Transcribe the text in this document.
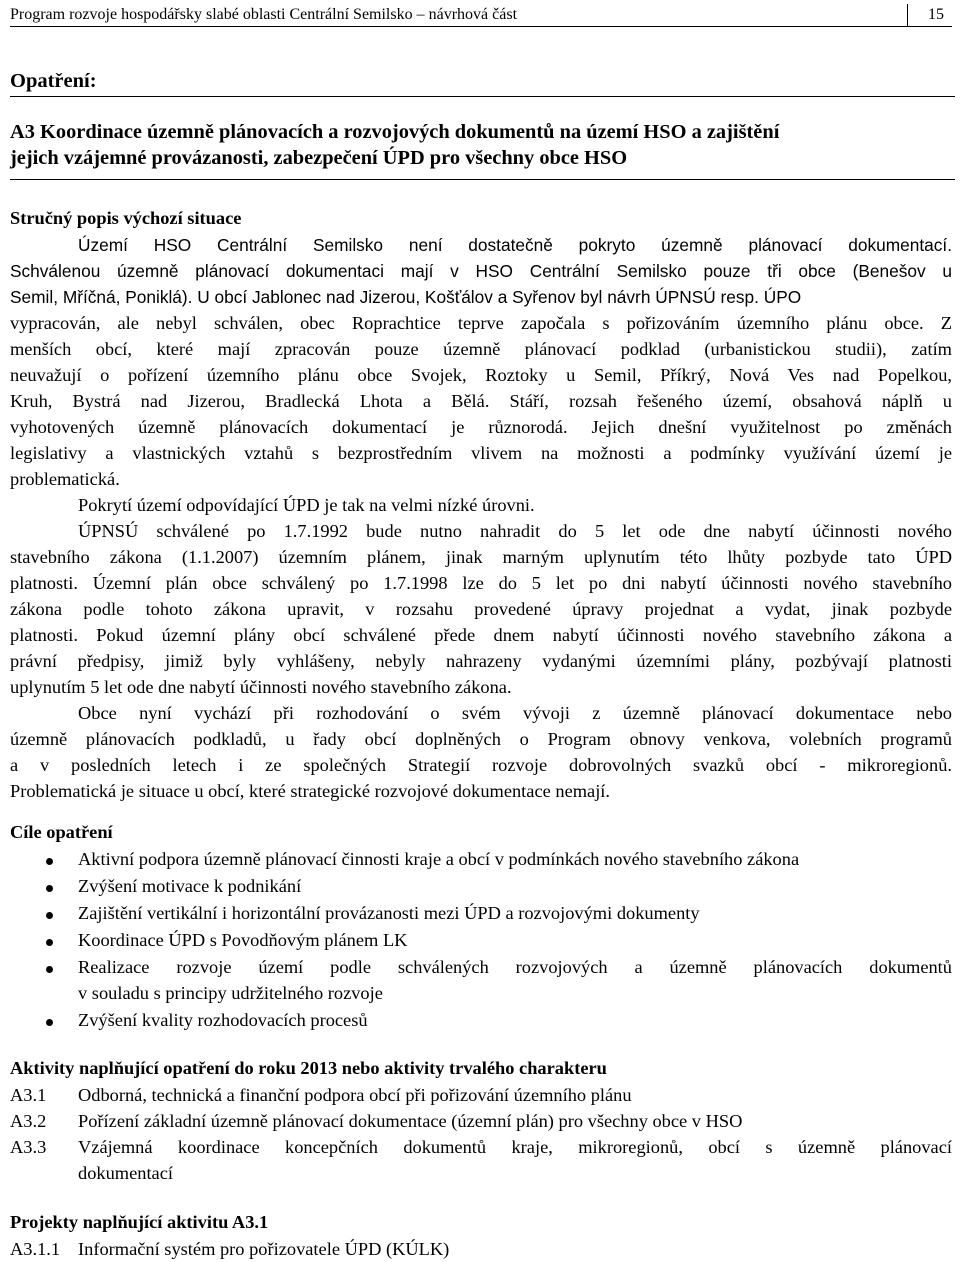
Program rozvoje hospodářsky slabé oblasti Centrální Semilsko – návrhová část	15
Opatření:
A3 Koordinace územně plánovacích a rozvojových dokumentů na území HSO a zajištění
jejich vzájemné provázanosti, zabezpečení ÚPD pro všechny obce HSO
Stručný popis výchozí situace
Území HSO Centrální Semilsko není dostatečně pokryto územně plánovací dokumentací.
Schválenou územně plánovací dokumentaci mají v HSO Centrální Semilsko pouze tři obce (Benešov u
Semil, Mříčná, Poniklá). U obcí Jablonec nad Jizerou, Košťálov a Syřenov byl návrh ÚPNSÚ resp. ÚPO
vypracován, ale nebyl schválen, obec Roprachtice teprve započala s pořizováním územního plánu obce. Z
menších obcí, které mají zpracován pouze územně plánovací podklad (urbanistickou studii), zatím
neuvažují o pořízení územního plánu obce Svojek, Roztoky u Semil, Příkrý, Nová Ves nad Popelkou,
Kruh, Bystrá nad Jizerou, Bradlecká Lhota a Bělá. Stáří, rozsah řešeného území, obsahová náplň u
vyhotovených územně plánovacích dokumentací je různorodá. Jejich dnešní využitelnost po změnách
legislativy a vlastnických vztahů s bezprostředním vlivem na možnosti a podmínky využívání území je
problematická.
Pokrytí území odpovídající ÚPD je tak na velmi nízké úrovni.
ÚPNSÚ schválené po 1.7.1992 bude nutno nahradit do 5 let ode dne nabytí účinnosti nového
stavebního zákona (1.1.2007) územním plánem, jinak marným uplynutím této lhůty pozbyde tato ÚPD
platnosti. Územní plán obce schválený po 1.7.1998 lze do 5 let po dni nabytí účinnosti nového stavebního
zákona podle tohoto zákona upravit, v rozsahu provedené úpravy projednat a vydat, jinak pozbyde
platnosti. Pokud územní plány obcí schválené přede dnem nabytí účinnosti nového stavebního zákona a
právní předpisy, jimiž byly vyhlášeny, nebyly nahrazeny vydanými územními plány, pozbývají platnosti
uplynutím 5 let ode dne nabytí účinnosti nového stavebního zákona.
Obce nyní vychází při rozhodování o svém vývoji z územně plánovací dokumentace nebo
územně plánovacích podkladů, u řady obcí doplněných o Program obnovy venkova, volebních programů
a v posledních letech i ze společných Strategií rozvoje dobrovolných svazků obcí - mikroregionů.
Problematická je situace u obcí, které strategické rozvojové dokumentace nemají.
Cíle opatření
Aktivní podpora územně plánovací činnosti kraje a obcí v podmínkách nového stavebního zákona
Zvýšení motivace k podnikání
Zajištění vertikální i horizontální provázanosti mezi ÚPD a rozvojovými dokumenty
Koordinace ÚPD s Povodňovým plánem LK
Realizace rozvoje území podle schválených rozvojových a územně plánovacích dokumentů
v souladu s principy udržitelného rozvoje
Zvýšení kvality rozhodovacích procesů
Aktivity naplňující opatření do roku 2013 nebo aktivity trvalého charakteru
A3.1 Odborná, technická a finanční podpora obcí při pořizování územního plánu
A3.2 Pořízení základní územně plánovací dokumentace (územní plán) pro všechny obce v HSO
A3.3 Vzájemná koordinace koncepčních dokumentů kraje, mikroregionů, obcí s územně plánovací
dokumentací
Projekty naplňující aktivitu A3.1
A3.1.1 Informační systém pro pořizovatele ÚPD (KÚLK)
